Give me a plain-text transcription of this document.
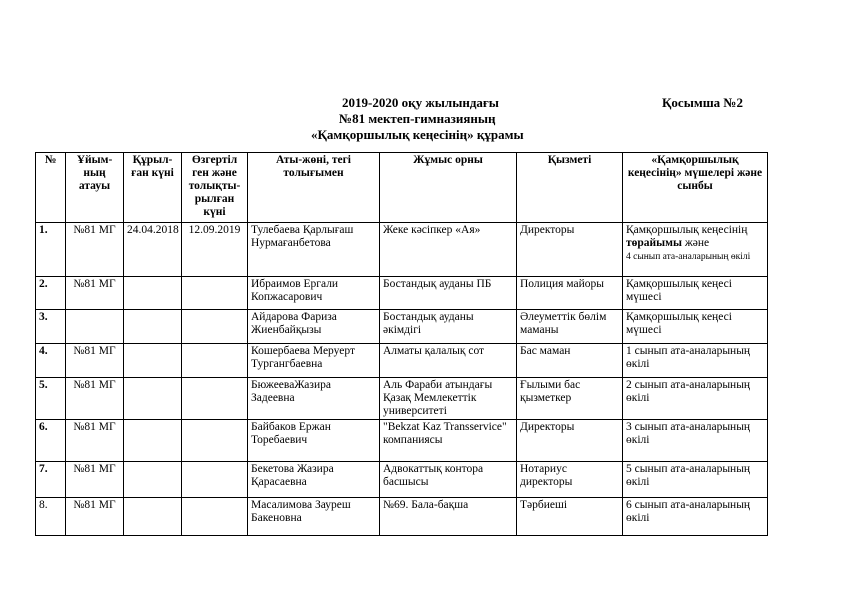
2019-2020 оқу жылындағы	Қосымша №2
№81 мектеп-гимназияның
«Қамқоршылық кеңесінің» құрамы
№	Ұйым-ның атауы	Құрыл-ған күні	Өзгертіл ген және толықты-рылған күні	Аты-жөні, тегі толығымен	Жұмыс орны	Қызметі	«Қамқоршылық кеңесінің» мүшелері және сынбы
1.	№81 МГ	24.04.2018	12.09.2019	Тулебаева Қарлығаш Нурмағанбетова	Жеке кәсіпкер «Ая»	Директоры	Қамқоршылық кеңесінің төрайымы және
4 сынып ата-аналарының өкілі
2.	№81 МГ			Ибраимов Ергали Копжасарович	Бостандық ауданы ПБ	Полиция майоры	Қамқоршылық кеңесі мүшесі
3.				Айдарова Фариза Жиенбайқызы	Бостандық ауданы әкімдігі	Әлеуметтік бөлім маманы	Қамқоршылық кеңесі мүшесі
4.	№81 МГ			Кошербаева Меруерт Тургангбаевна	Алматы қалалық сот	Бас маман	1 сынып ата-аналарының өкілі
5.	№81 МГ			БюжееваЖазира Задеевна	Аль Фараби атындағы Қазақ Мемлекеттік университеті	Ғылыми бас қызметкер	2 сынып ата-аналарының өкілі
6.	№81 МГ			Байбаков Ержан Торебаевич	"Bekzat Kaz Transservice" компаниясы	Директоры	3 сынып ата-аналарының өкілі
7.	№81 МГ			Бекетова Жазира Қарасаевна	Адвокаттық контора басшысы	Нотариус директоры	5 сынып ата-аналарының өкілі
8.	№81 МГ			Масалимова Зауреш Бакеновна	№69. Бала-бақша	Тәрбиеші	6 сынып ата-аналарының өкілі
